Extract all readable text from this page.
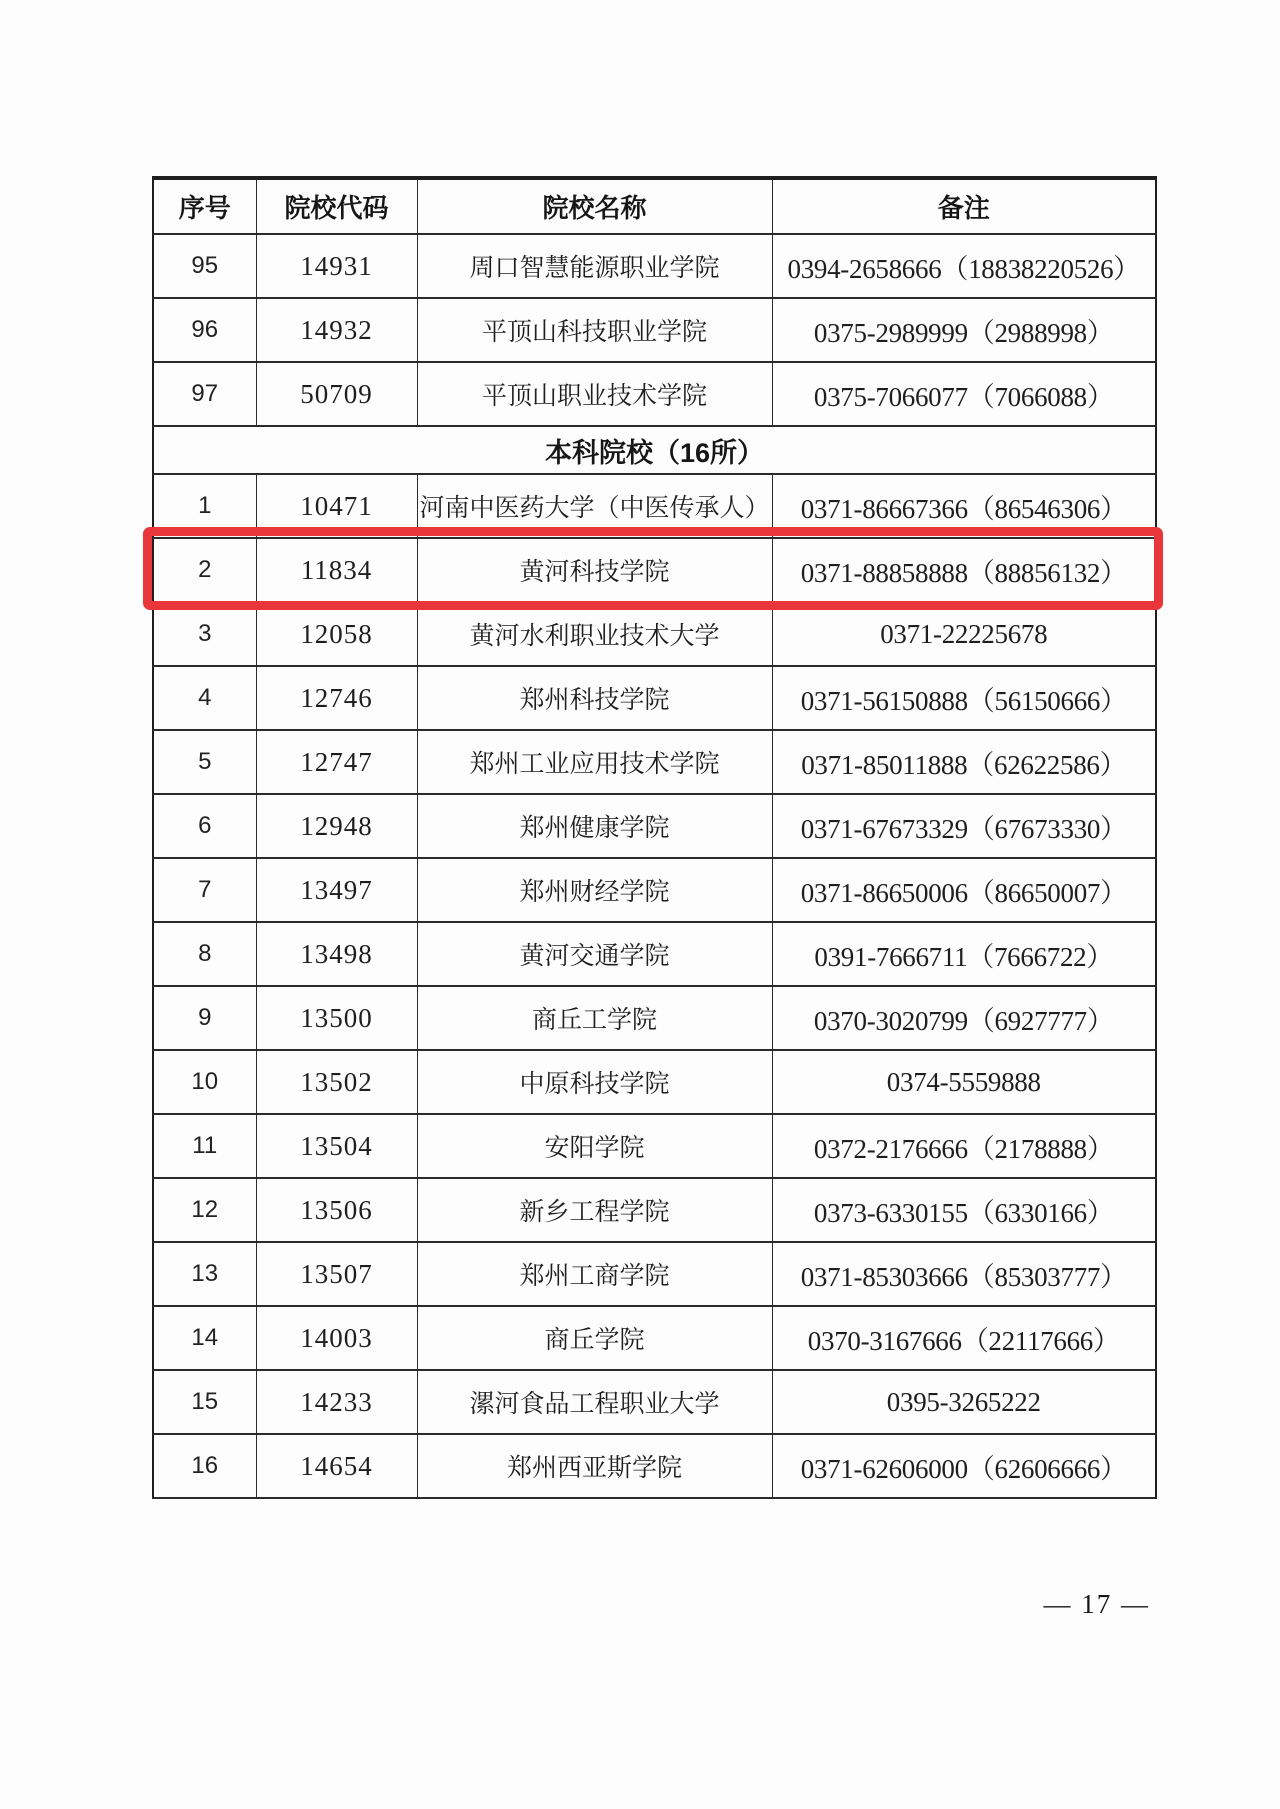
序号	院校代码	院校名称	备注
95	14931	周口智慧能源职业学院	0394-2658666（18838220526）
96	14932	平顶山科技职业学院	0375-2989999（2988998）
97	50709	平顶山职业技术学院	0375-7066077（7066088）
本科院校（16所）			
1	10471	河南中医药大学（中医传承人）	0371-86667366（86546306）
2	11834	黄河科技学院	0371-88858888（88856132）
3	12058	黄河水利职业技术大学	0371-22225678
4	12746	郑州科技学院	0371-56150888（56150666）
5	12747	郑州工业应用技术学院	0371-85011888（62622586）
6	12948	郑州健康学院	0371-67673329（67673330）
7	13497	郑州财经学院	0371-86650006（86650007）
8	13498	黄河交通学院	0391-7666711（7666722）
9	13500	商丘工学院	0370-3020799（6927777）
10	13502	中原科技学院	0374-5559888
11	13504	安阳学院	0372-2176666（2178888）
12	13506	新乡工程学院	0373-6330155（6330166）
13	13507	郑州工商学院	0371-85303666（85303777）
14	14003	商丘学院	0370-3167666（22117666）
15	14233	漯河食品工程职业大学	0395-3265222
16	14654	郑州西亚斯学院	0371-62606000（62606666）
— 17 —
